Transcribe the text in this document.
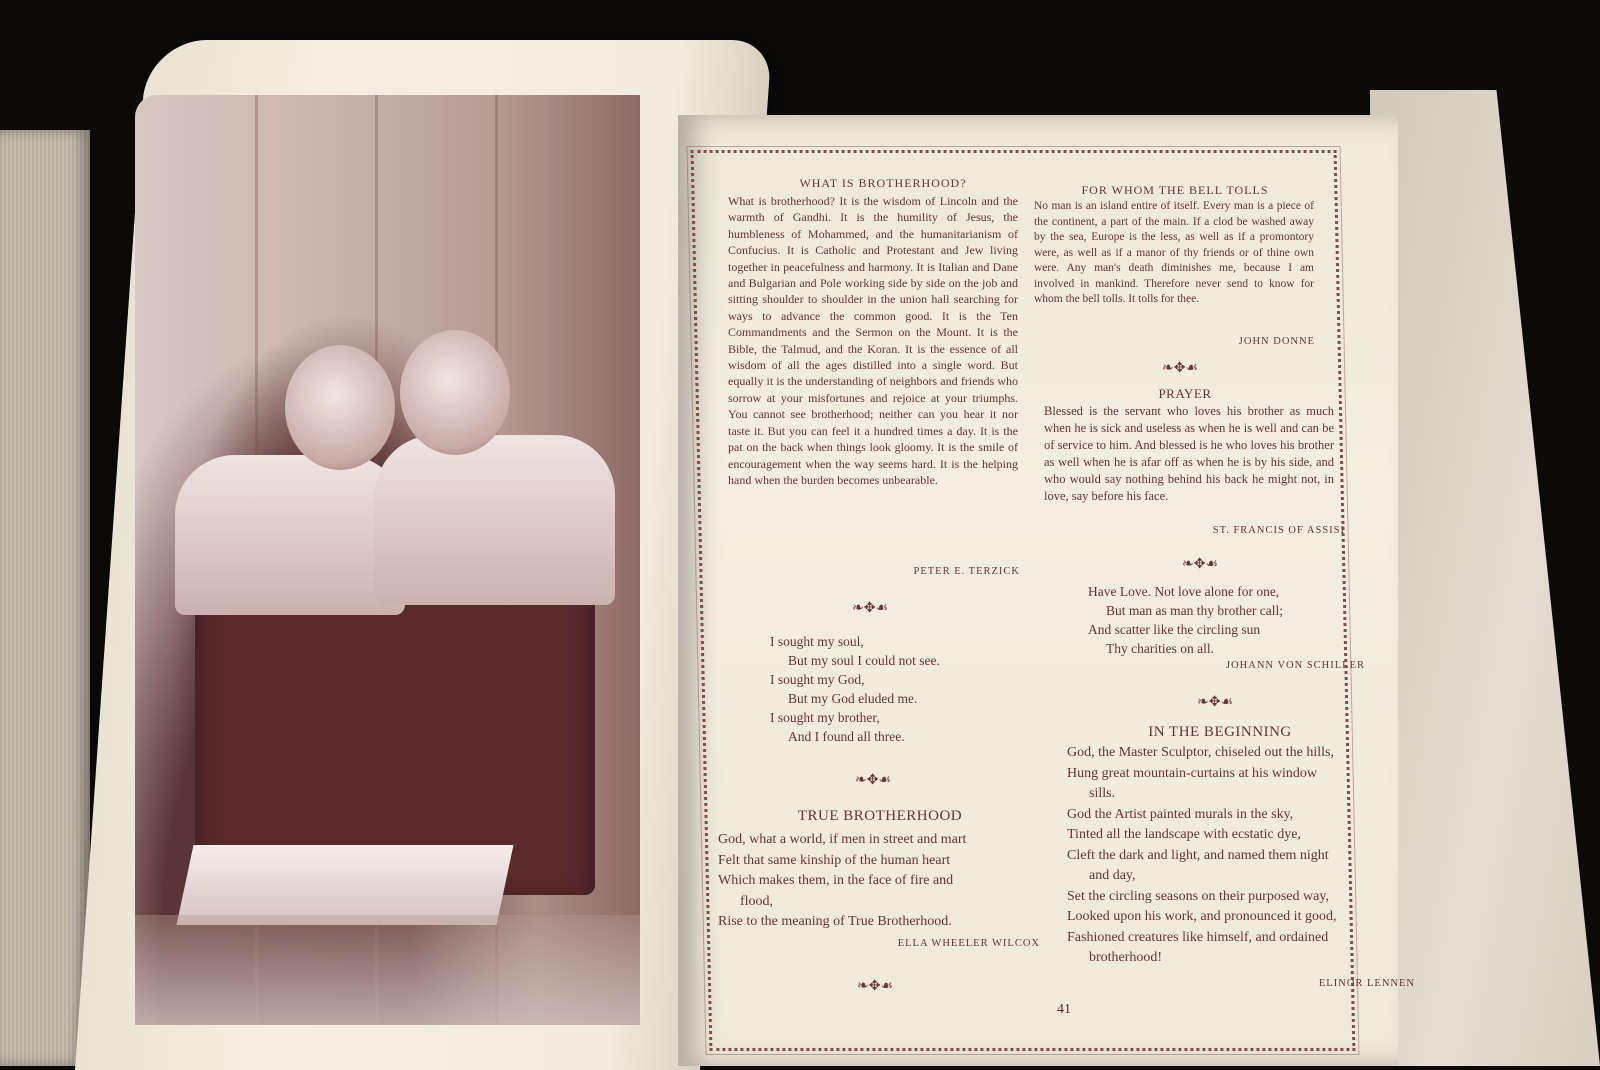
WHAT IS BROTHERHOOD?
What is brotherhood? It is the wisdom of Lincoln and the warmth of Gandhi. It is the humility of Jesus, the humbleness of Mohammed, and the humanitarianism of Confucius. It is Catholic and Protestant and Jew living together in peacefulness and harmony. It is Italian and Dane and Bulgarian and Pole working side by side on the job and sitting shoulder to shoulder in the union hall searching for ways to advance the common good. It is the Ten Commandments and the Sermon on the Mount. It is the Bible, the Talmud, and the Koran. It is the essence of all wisdom of all the ages distilled into a single word. But equally it is the understanding of neighbors and friends who sorrow at your misfortunes and rejoice at your triumphs. You cannot see brotherhood; neither can you hear it nor taste it. But you can feel it a hundred times a day. It is the pat on the back when things look gloomy. It is the smile of encouragement when the way seems hard. It is the helping hand when the burden becomes unbearable.
PETER E. TERZICK
❧✥☙
I sought my soul,
But my soul I could not see.
I sought my God,
But my God eluded me.
I sought my brother,
And I found all three.
❧✥☙
TRUE BROTHERHOOD
God, what a world, if men in street and mart
Felt that same kinship of the human heart
Which makes them, in the face of fire and
flood,
Rise to the meaning of True Brotherhood.
ELLA WHEELER WILCOX
❧✥☙
FOR WHOM THE BELL TOLLS
No man is an island entire of itself. Every man is a piece of the continent, a part of the main. If a clod be washed away by the sea, Europe is the less, as well as if a promontory were, as well as if a manor of thy friends or of thine own were. Any man's death diminishes me, because I am involved in mankind. Therefore never send to know for whom the bell tolls. It tolls for thee.
JOHN DONNE
❧✥☙
PRAYER
Blessed is the servant who loves his brother as much when he is sick and useless as when he is well and can be of service to him. And blessed is he who loves his brother as well when he is afar off as when he is by his side, and who would say nothing behind his back he might not, in love, say before his face.
ST. FRANCIS OF ASSISI
❧✥☙
Have Love. Not love alone for one,
But man as man thy brother call;
And scatter like the circling sun
Thy charities on all.
JOHANN VON SCHILLER
❧✥☙
IN THE BEGINNING
God, the Master Sculptor, chiseled out the hills,
Hung great mountain-curtains at his window
sills.
God the Artist painted murals in the sky,
Tinted all the landscape with ecstatic dye,
Cleft the dark and light, and named them night
and day,
Set the circling seasons on their purposed way,
Looked upon his work, and pronounced it good,
Fashioned creatures like himself, and ordained
brotherhood!
ELINOR LENNEN
41
